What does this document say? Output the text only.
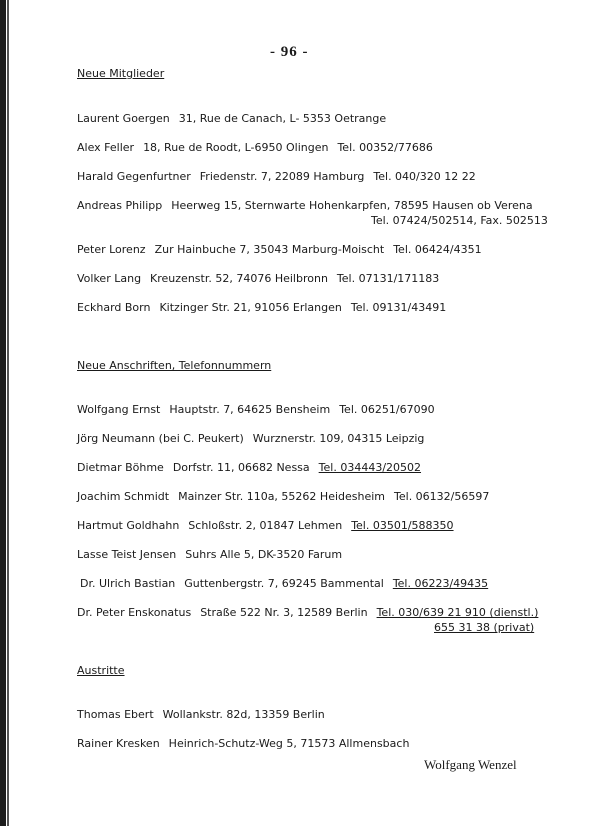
- 96 -
Neue Mitglieder
Laurent Goergen 31, Rue de Canach, L- 5353 Oetrange
Alex Feller 18, Rue de Roodt, L-6950 Olingen Tel. 00352/77686
Harald Gegenfurtner Friedenstr. 7, 22089 Hamburg Tel. 040/320 12 22
Andreas Philipp Heerweg 15, Sternwarte Hohenkarpfen, 78595 Hausen ob Verena
Tel. 07424/502514, Fax. 502513
Peter Lorenz Zur Hainbuche 7, 35043 Marburg-Moischt Tel. 06424/4351
Volker Lang Kreuzenstr. 52, 74076 Heilbronn Tel. 07131/171183
Eckhard Born Kitzinger Str. 21, 91056 Erlangen Tel. 09131/43491
Neue Anschriften, Telefonnummern
Wolfgang Ernst Hauptstr. 7, 64625 Bensheim Tel. 06251/67090
Jörg Neumann (bei C. Peukert) Wurznerstr. 109, 04315 Leipzig
Dietmar Böhme Dorfstr. 11, 06682 Nessa Tel. 034443/20502
Joachim Schmidt Mainzer Str. 110a, 55262 Heidesheim Tel. 06132/56597
Hartmut Goldhahn Schloßstr. 2, 01847 Lehmen Tel. 03501/588350
Lasse Teist Jensen Suhrs Alle 5, DK-3520 Farum
Dr. Ulrich Bastian Guttenbergstr. 7, 69245 Bammental Tel. 06223/49435
Dr. Peter Enskonatus Straße 522 Nr. 3, 12589 Berlin Tel. 030/639 21 910 (dienstl.)
655 31 38 (privat)
Austritte
Thomas Ebert Wollankstr. 82d, 13359 Berlin
Rainer Kresken Heinrich-Schutz-Weg 5, 71573 Allmensbach
Wolfgang Wenzel
